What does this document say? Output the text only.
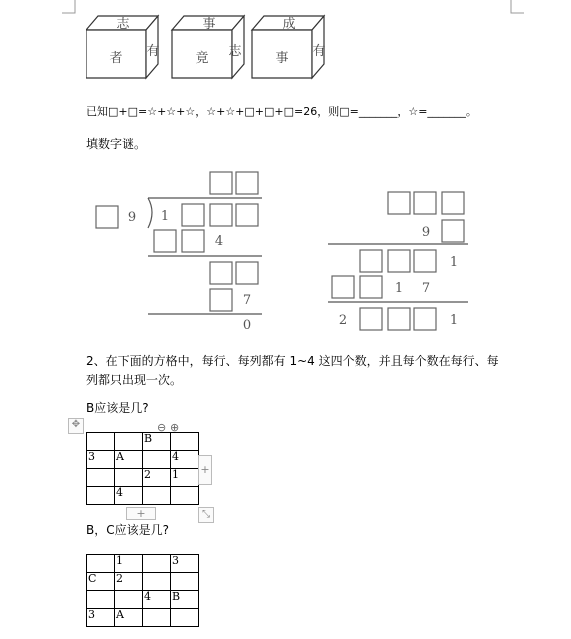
志
者 有
事
竟 志
成
事 有
已知□+□=☆+☆+☆，☆+☆+□+□+□=26，则□=_______，☆=_______。
填数字谜。
9 1
4
7
0
9
1
1 7
2	1
2、在下面的方格中，每行、每列都有 1~4 这四个数，并且每个数在每行、每
列都只出现一次。
B应该是几?
✥	⊖ ⊕
		B	
3	A		4
		2	1
	4		
+
+	⤡
B，C应该是几?
	1		3
C	2		
		4	B
3	A		
